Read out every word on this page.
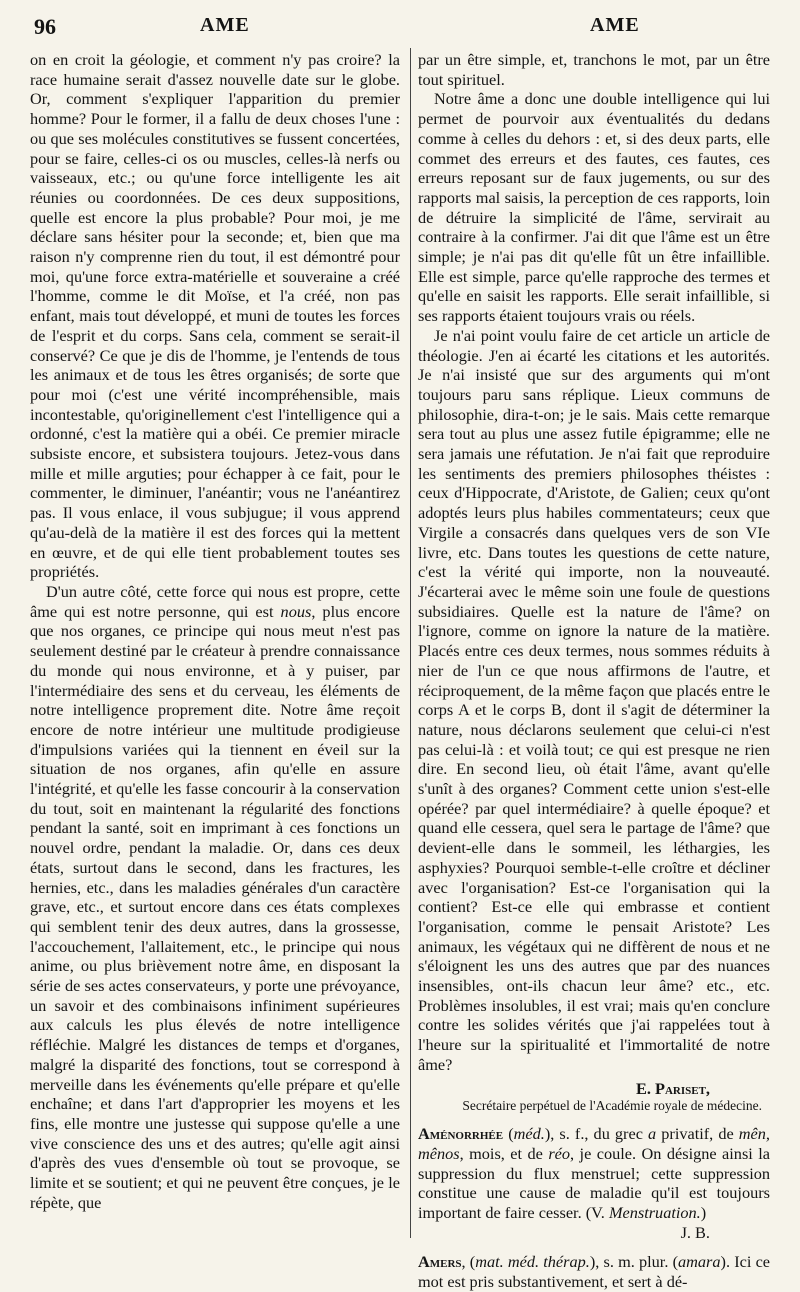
96	AME	AME

on en croit la géologie, et comment n'y pas croire? la race humaine serait d'assez nouvelle date sur le globe. Or, comment s'expliquer l'apparition du premier homme? Pour le former, il a fallu de deux choses l'une : ou que ses molécules constitutives se fussent concertées, pour se faire, celles-ci os ou muscles, celles-là nerfs ou vaisseaux, etc.; ou qu'une force intelligente les ait réunies ou coordonnées. De ces deux suppositions, quelle est encore la plus probable? Pour moi, je me déclare sans hésiter pour la seconde; et, bien que ma raison n'y comprenne rien du tout, il est démontré pour moi, qu'une force extra-matérielle et souveraine a créé l'homme, comme le dit Moïse, et l'a créé, non pas enfant, mais tout développé, et muni de toutes les forces de l'esprit et du corps. Sans cela, comment se serait-il conservé? Ce que je dis de l'homme, je l'entends de tous les animaux et de tous les êtres organisés; de sorte que pour moi (c'est une vérité incompréhensible, mais incontestable, qu'originellement c'est l'intelligence qui a ordonné, c'est la matière qui a obéi. Ce premier miracle subsiste encore, et subsistera toujours. Jetez-vous dans mille et mille arguties; pour échapper à ce fait, pour le commenter, le diminuer, l'anéantir; vous ne l'anéantirez pas. Il vous enlace, il vous subjugue; il vous apprend qu'au-delà de la matière il est des forces qui la mettent en œuvre, et de qui elle tient probablement toutes ses propriétés.

D'un autre côté, cette force qui nous est propre, cette âme qui est notre personne, qui est nous, plus encore que nos organes, ce principe qui nous meut n'est pas seulement destiné par le créateur à prendre connaissance du monde qui nous environne, et à y puiser, par l'intermédiaire des sens et du cerveau, les éléments de notre intelligence proprement dite. Notre âme reçoit encore de notre intérieur une multitude prodigieuse d'impulsions variées qui la tiennent en éveil sur la situation de nos organes, afin qu'elle en assure l'intégrité, et qu'elle les fasse concourir à la conservation du tout, soit en maintenant la régularité des fonctions pendant la santé, soit en imprimant à ces fonctions un nouvel ordre, pendant la maladie. Or, dans ces deux états, surtout dans le second, dans les fractures, les hernies, etc., dans les maladies générales d'un caractère grave, etc., et surtout encore dans ces états complexes qui semblent tenir des deux autres, dans la grossesse, l'accouchement, l'allaitement, etc., le principe qui nous anime, ou plus brièvement notre âme, en disposant la série de ses actes conservateurs, y porte une prévoyance, un savoir et des combinaisons infiniment supérieures aux calculs les plus élevés de notre intelligence réfléchie. Malgré les distances de temps et d'organes, malgré la disparité des fonctions, tout se correspond à merveille dans les événements qu'elle prépare et qu'elle enchaîne; et dans l'art d'approprier les moyens et les fins, elle montre une justesse qui suppose qu'elle a une vive conscience des uns et des autres; qu'elle agit ainsi d'après des vues d'ensemble où tout se provoque, se limite et se soutient; et qui ne peuvent être conçues, je le répète, que

par un être simple, et, tranchons le mot, par un être tout spirituel.

Notre âme a donc une double intelligence qui lui permet de pourvoir aux éventualités du dedans comme à celles du dehors : et, si des deux parts, elle commet des erreurs et des fautes, ces fautes, ces erreurs reposant sur de faux jugements, ou sur des rapports mal saisis, la perception de ces rapports, loin de détruire la simplicité de l'âme, servirait au contraire à la confirmer. J'ai dit que l'âme est un être simple; je n'ai pas dit qu'elle fût un être infaillible. Elle est simple, parce qu'elle rapproche des termes et qu'elle en saisit les rapports. Elle serait infaillible, si ses rapports étaient toujours vrais ou réels.

Je n'ai point voulu faire de cet article un article de théologie. J'en ai écarté les citations et les autorités. Je n'ai insisté que sur des arguments qui m'ont toujours paru sans réplique. Lieux communs de philosophie, dira-t-on; je le sais. Mais cette remarque sera tout au plus une assez futile épigramme; elle ne sera jamais une réfutation. Je n'ai fait que reproduire les sentiments des premiers philosophes théistes : ceux d'Hippocrate, d'Aristote, de Galien; ceux qu'ont adoptés leurs plus habiles commentateurs; ceux que Virgile a consacrés dans quelques vers de son VIe livre, etc. Dans toutes les questions de cette nature, c'est la vérité qui importe, non la nouveauté. J'écarterai avec le même soin une foule de questions subsidiaires. Quelle est la nature de l'âme? on l'ignore, comme on ignore la nature de la matière. Placés entre ces deux termes, nous sommes réduits à nier de l'un ce que nous affirmons de l'autre, et réciproquement, de la même façon que placés entre le corps A et le corps B, dont il s'agit de déterminer la nature, nous déclarons seulement que celui-ci n'est pas celui-là : et voilà tout; ce qui est presque ne rien dire. En second lieu, où était l'âme, avant qu'elle s'unît à des organes? Comment cette union s'est-elle opérée? par quel intermédiaire? à quelle époque? et quand elle cessera, quel sera le partage de l'âme? que devient-elle dans le sommeil, les léthargies, les asphyxies? Pourquoi semble-t-elle croître et décliner avec l'organisation? Est-ce l'organisation qui la contient? Est-ce elle qui embrasse et contient l'organisation, comme le pensait Aristote? Les animaux, les végétaux qui ne diffèrent de nous et ne s'éloignent les uns des autres que par des nuances insensibles, ont-ils chacun leur âme? etc., etc. Problèmes insolubles, il est vrai; mais qu'en conclure contre les solides vérités que j'ai rappelées tout à l'heure sur la spiritualité et l'immortalité de notre âme?

E. Pariset,

Secrétaire perpétuel de l'Académie royale de médecine.

Aménorrhée (méd.), s. f., du grec a privatif, de mên, mênos, mois, et de réo, je coule. On désigne ainsi la suppression du flux menstruel; cette suppression constitue une cause de maladie qu'il est toujours important de faire cesser. (V. Menstruation.)

J. B.

Amers, (mat. méd. thérap.), s. m. plur. (amara). Ici ce mot est pris substantivement, et sert à dé-
